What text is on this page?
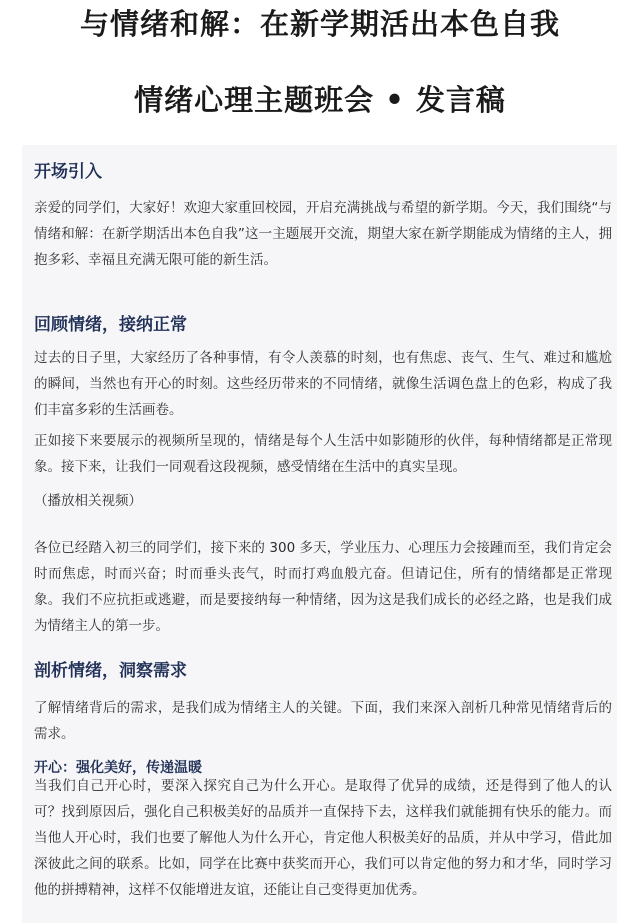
与情绪和解：在新学期活出本色自我
情绪心理主题班会 • 发言稿
开场引入

亲爱的同学们，大家好！欢迎大家重回校园，开启充满挑战与希望的新学期。今天，我们围绕“与情绪和解：在新学期活出本色自我”这一主题展开交流，期望大家在新学期能成为情绪的主人，拥抱多彩、幸福且充满无限可能的新生活。

回顾情绪，接纳正常

过去的日子里，大家经历了各种事情，有令人羡慕的时刻，也有焦虑、丧气、生气、难过和尴尬的瞬间，当然也有开心的时刻。这些经历带来的不同情绪，就像生活调色盘上的色彩，构成了我们丰富多彩的生活画卷。

正如接下来要展示的视频所呈现的，情绪是每个人生活中如影随形的伙伴，每种情绪都是正常现象。接下来，让我们一同观看这段视频，感受情绪在生活中的真实呈现。

（播放相关视频）

各位已经踏入初三的同学们，接下来的 300 多天，学业压力、心理压力会接踵而至，我们肯定会时而焦虑，时而兴奋；时而垂头丧气，时而打鸡血般亢奋。但请记住，所有的情绪都是正常现象。我们不应抗拒或逃避，而是要接纳每一种情绪，因为这是我们成长的必经之路，也是我们成为情绪主人的第一步。

剖析情绪，洞察需求

了解情绪背后的需求，是我们成为情绪主人的关键。下面，我们来深入剖析几种常见情绪背后的需求。

开心：强化美好，传递温暖

当我们自己开心时，要深入探究自己为什么开心。是取得了优异的成绩，还是得到了他人的认可？找到原因后，强化自己积极美好的品质并一直保持下去，这样我们就能拥有快乐的能力。而当他人开心时，我们也要了解他人为什么开心，肯定他人积极美好的品质，并从中学习，借此加深彼此之间的联系。比如，同学在比赛中获奖而开心，我们可以肯定他的努力和才华，同时学习他的拼搏精神，这样不仅能增进友谊，还能让自己变得更加优秀。
